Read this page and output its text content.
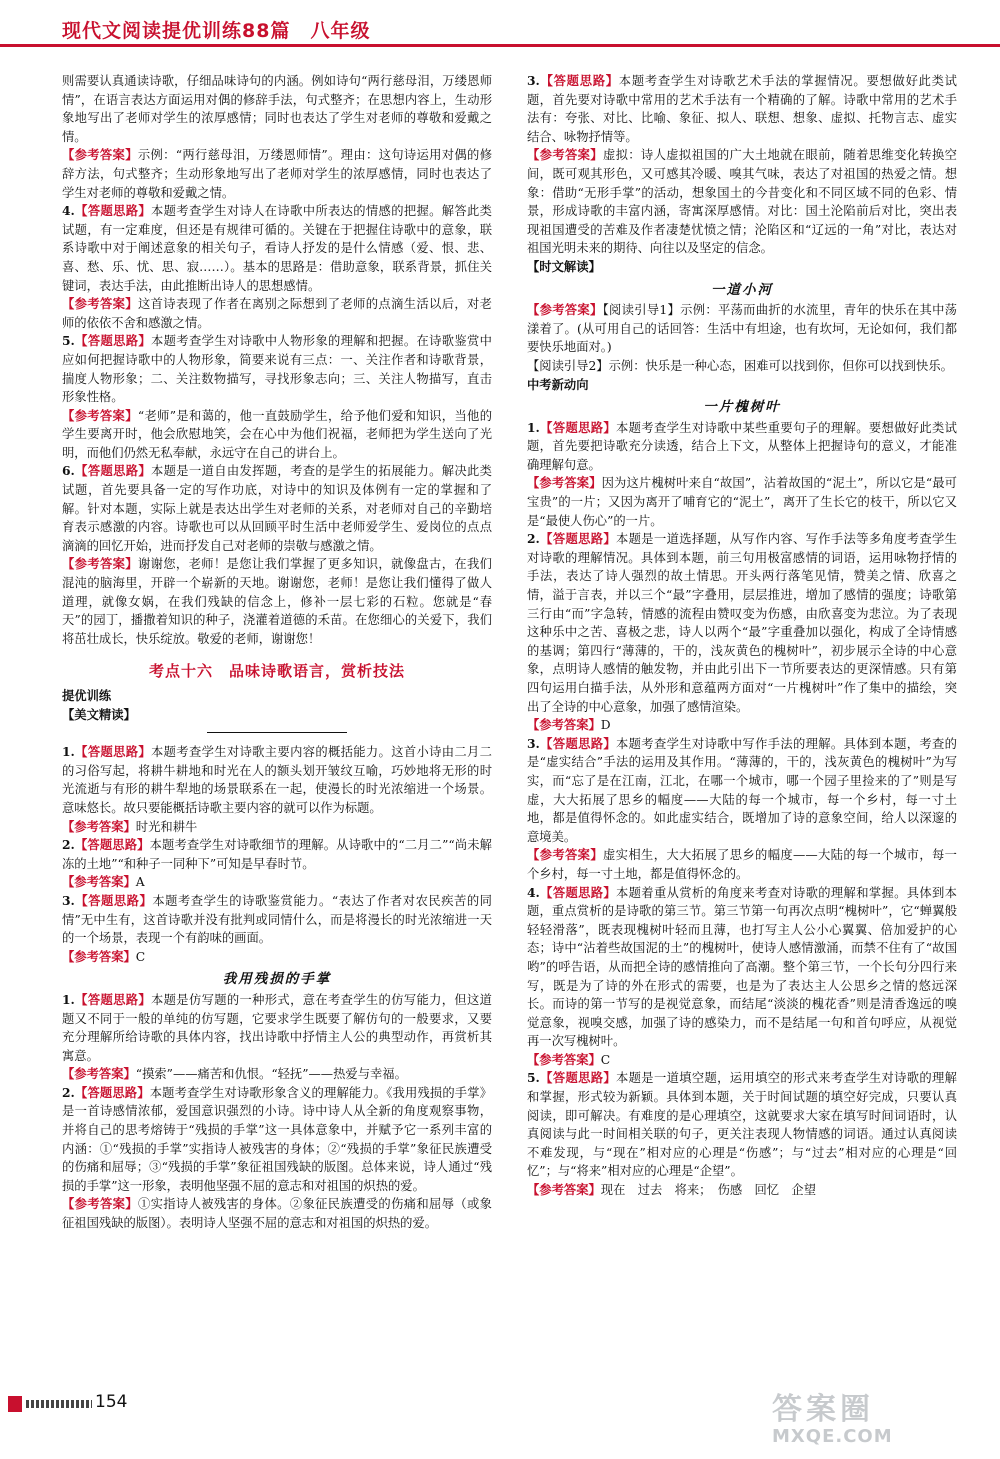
现代文阅读提优训练88篇　八年级

则需要认真通读诗歌，仔细品味诗句的内涵。例如诗句“两行慈母泪，万缕恩师情”，在语言表达方面运用对偶的修辞手法，句式整齐；在思想内容上，生动形象地写出了老师对学生的浓厚感情；同时也表达了学生对老师的尊敬和爱戴之情。

【参考答案】示例：“两行慈母泪，万缕恩师情”。理由：这句诗运用对偶的修辞方法，句式整齐；生动形象地写出了老师对学生的浓厚感情，同时也表达了学生对老师的尊敬和爱戴之情。

4.【答题思路】本题考查学生对诗人在诗歌中所表达的情感的把握。解答此类试题，有一定难度，但还是有规律可循的。关键在于把握住诗歌中的意象，联系诗歌中对于阐述意象的相关句子，看诗人抒发的是什么情感（爱、恨、悲、喜、愁、乐、忧、思、寂……）。基本的思路是：借助意象，联系背景，抓住关键词，表达手法，由此推断出诗人的思想感情。

【参考答案】这首诗表现了作者在离别之际想到了老师的点滴生活以后，对老师的依依不舍和感激之情。

5.【答题思路】本题考查学生对诗歌中人物形象的理解和把握。在诗歌鉴赏中应如何把握诗歌中的人物形象，简要来说有三点：一、关注作者和诗歌背景，揣度人物形象；二、关注数物描写，寻找形象志向；三、关注人物描写，直击形象性格。

【参考答案】“老师”是和蔼的，他一直鼓励学生，给予他们爱和知识，当他的学生要离开时，他会欣慰地笑，会在心中为他们祝福，老师把为学生送向了光明，而他们仍然无私奉献，永远守在自己的讲台上。

6.【答题思路】本题是一道自由发挥题，考查的是学生的拓展能力。解决此类试题，首先要具备一定的写作功底，对诗中的知识及体例有一定的掌握和了解。针对本题，实际上就是表达出学生对老师的关系，对老师对自己的辛勤培育表示感激的内容。诗歌也可以从回顾平时生活中老师爱学生、爱岗位的点点滴滴的回忆开始，进而抒发自己对老师的崇敬与感激之情。

【参考答案】谢谢您，老师！是您让我们掌握了更多知识，就像盘古，在我们混沌的脑海里，开辟一个崭新的天地。谢谢您，老师！是您让我们懂得了做人道理，就像女娲，在我们残缺的信念上，修补一层七彩的石粒。您就是“春天”的园丁，播撒着知识的种子，浇灌着道德的禾苗。在您细心的关爱下，我们将茁壮成长，快乐绽放。敬爱的老师，谢谢您！

考点十六　品味诗歌语言，赏析技法

提优训练

【美文精读】

1.【答题思路】本题考查学生对诗歌主要内容的概括能力。这首小诗由二月二的习俗写起，将耕牛耕地和时光在人的额头划开皱纹互喻，巧妙地将无形的时光流逝与有形的耕牛犁地的场景联系在一起，使漫长的时光浓缩进一个场景。意味悠长。故只要能概括诗歌主要内容的就可以作为标题。

【参考答案】时光和耕牛

2.【答题思路】本题考查学生对诗歌细节的理解。从诗歌中的“二月二”“尚未解冻的土地”“和种子一同种下”可知是早春时节。

【参考答案】A

3.【答题思路】本题考查学生的诗歌鉴赏能力。“表达了作者对农民疾苦的同情”无中生有，这首诗歌并没有批判或同情什么，而是将漫长的时光浓缩进一天的一个场景，表现一个有韵味的画面。

【参考答案】C

我用残损的手掌

1.【答题思路】本题是仿写题的一种形式，意在考查学生的仿写能力，但这道题又不同于一般的单纯的仿写题，它要求学生既要了解仿句的一般要求，又要充分理解所给诗歌的具体内容，找出诗歌中抒情主人公的典型动作，再赏析其寓意。

【参考答案】“摸索”——痛苦和仇恨。“轻抚”——热爱与幸福。

2.【答题思路】本题考查学生对诗歌形象含义的理解能力。《我用残损的手掌》是一首诗感情浓郁，爱国意识强烈的小诗。诗中诗人从全新的角度观察事物，并将自己的思考熔铸于“残损的手掌”这一具体意象中，并赋予它一系列丰富的内涵：①“残损的手掌”实指诗人被残害的身体；②“残损的手掌”象征民族遭受的伤痛和屈辱；③“残损的手掌”象征祖国残缺的版图。总体来说，诗人通过“残损的手掌”这一形象，表明他坚强不屈的意志和对祖国的炽热的爱。

【参考答案】①实指诗人被残害的身体。②象征民族遭受的伤痛和屈辱（或象征祖国残缺的版图）。表明诗人坚强不屈的意志和对祖国的炽热的爱。

3.【答题思路】本题考查学生对诗歌艺术手法的掌握情况。要想做好此类试题，首先要对诗歌中常用的艺术手法有一个精确的了解。诗歌中常用的艺术手法有：夸张、对比、比喻、象征、拟人、联想、想象、虚拟、托物言志、虚实结合、咏物抒情等。

【参考答案】虚拟：诗人虚拟祖国的广大土地就在眼前，随着思维变化转换空间，既可观其形色，又可感其冷暖、嗅其气味，表达了对祖国的热爱之情。想象：借助“无形手掌”的活动，想象国土的今昔变化和不同区域不同的色彩、情景，形成诗歌的丰富内涵，寄寓深厚感情。对比：国土沦陷前后对比，突出表现祖国遭受的苦难及作者凄楚忧愤之情；沦陷区和“辽远的一角”对比，表达对祖国光明未来的期待、向往以及坚定的信念。

【时文解读】

一道小河

【参考答案】【阅读引导1】示例：平荡而曲折的水流里，青年的快乐在其中荡漾着了。(从可用自己的话回答：生活中有坦途，也有坎坷，无论如何，我们都要快乐地面对。)

【阅读引导2】示例：快乐是一种心态，困难可以找到你，但你可以找到快乐。

中考新动向

一片槐树叶

1.【答题思路】本题考查学生对诗歌中某些重要句子的理解。要想做好此类试题，首先要把诗歌充分读透，结合上下文，从整体上把握诗句的意义，才能准确理解句意。

【参考答案】因为这片槐树叶来自“故国”，沾着故国的“泥土”，所以它是“最可宝贵”的一片；又因为离开了哺育它的“泥土”，离开了生长它的枝干，所以它又是“最使人伤心”的一片。

2.【答题思路】本题是一道选择题，从写作内容、写作手法等多角度考查学生对诗歌的理解情况。具体到本题，前三句用极富感情的词语，运用咏物抒情的手法，表达了诗人强烈的故土情思。开头两行落笔见情，赞美之情、欣喜之情，溢于言表，并以三个“最”字叠用，层层推进，增加了感情的强度；诗歌第三行由“而”字急转，情感的流程由赞叹变为伤感，由欣喜变为悲泣。为了表现这种乐中之苦、喜极之悲，诗人以两个“最”字重叠加以强化，构成了全诗情感的基调；第四行“薄薄的，干的，浅灰黄色的槐树叶”，初步展示全诗的中心意象，点明诗人感情的触发物，并由此引出下一节所要表达的更深情感。只有第四句运用白描手法，从外形和意蕴两方面对“一片槐树叶”作了集中的描绘，突出了全诗的中心意象，加强了感情渲染。

【参考答案】D

3.【答题思路】本题考查学生对诗歌中写作手法的理解。具体到本题，考查的是“虚实结合”手法的运用及其作用。“薄薄的，干的，浅灰黄色的槐树叶”为写实，而“忘了是在江南，江北，在哪一个城市，哪一个园子里捡来的了”则是写虚，大大拓展了思乡的幅度——大陆的每一个城市，每一个乡村，每一寸土地，都是值得怀念的。如此虚实结合，既增加了诗的意象空间，给人以深邃的意境美。

【参考答案】虚实相生，大大拓展了思乡的幅度——大陆的每一个城市，每一个乡村，每一寸土地，都是值得怀念的。

4.【答题思路】本题着重从赏析的角度来考查对诗歌的理解和掌握。具体到本题，重点赏析的是诗歌的第三节。第三节第一句再次点明“槐树叶”，它“蝉翼般轻轻滑落”，既表现槐树叶轻而且薄，也打写主人公小心翼翼、倍加爱护的心态；诗中“沾着些故国泥的土”的槐树叶，使诗人感情激涌，而禁不住有了“故国哟”的呼告语，从而把全诗的感情推向了高潮。整个第三节，一个长句分四行来写，既是为了诗的外在形式的需要，也是为了表达主人公思乡之情的悠远深长。而诗的第一节写的是视觉意象，而结尾“淡淡的槐花香”则是清香逸远的嗅觉意象，视嗅交感，加强了诗的感染力，而不是结尾一句和首句呼应，从视觉再一次写槐树叶。

【参考答案】C

5.【答题思路】本题是一道填空题，运用填空的形式来考查学生对诗歌的理解和掌握，形式较为新颖。具体到本题，关于时间试题的填空好完成，只要认真阅读，即可解决。有难度的是心理填空，这就要求大家在填写时间词语时，认真阅读与此一时间相关联的句子，更关注表现人物情感的词语。通过认真阅读不难发现，与“现在”相对应的心理是“伤感”；与“过去”相对应的心理是“回忆”；与“将来”相对应的心理是“企望”。

【参考答案】现在　过去　将来；　伤感　回忆　企望

154	答案圈
MXQE.COM
